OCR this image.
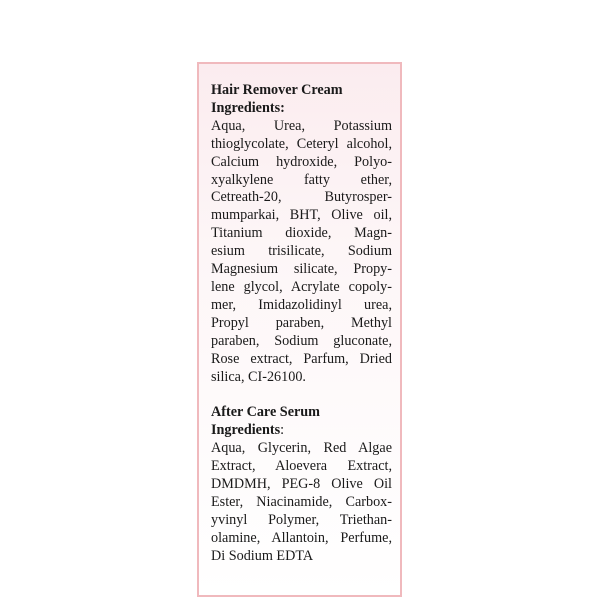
Hair Remover Cream
Ingredients:
Aqua, Urea, Potassium
thioglycolate, Ceteryl alcohol,
Calcium hydroxide, Polyo-
xyalkylene fatty ether,
Cetreath-20, Butyrosper-
mumparkai, BHT, Olive oil,
Titanium dioxide, Magn-
esium trisilicate, Sodium
Magnesium silicate, Propy-
lene glycol, Acrylate copoly-
mer, Imidazolidinyl urea,
Propyl paraben, Methyl
paraben, Sodium gluconate,
Rose extract, Parfum, Dried
silica, CI-26100.
After Care Serum
Ingredients:
Aqua, Glycerin, Red Algae
Extract, Aloevera Extract,
DMDMH, PEG-8 Olive Oil
Ester, Niacinamide, Carbox-
yvinyl Polymer, Triethan-
olamine, Allantoin, Perfume,
Di Sodium EDTA
